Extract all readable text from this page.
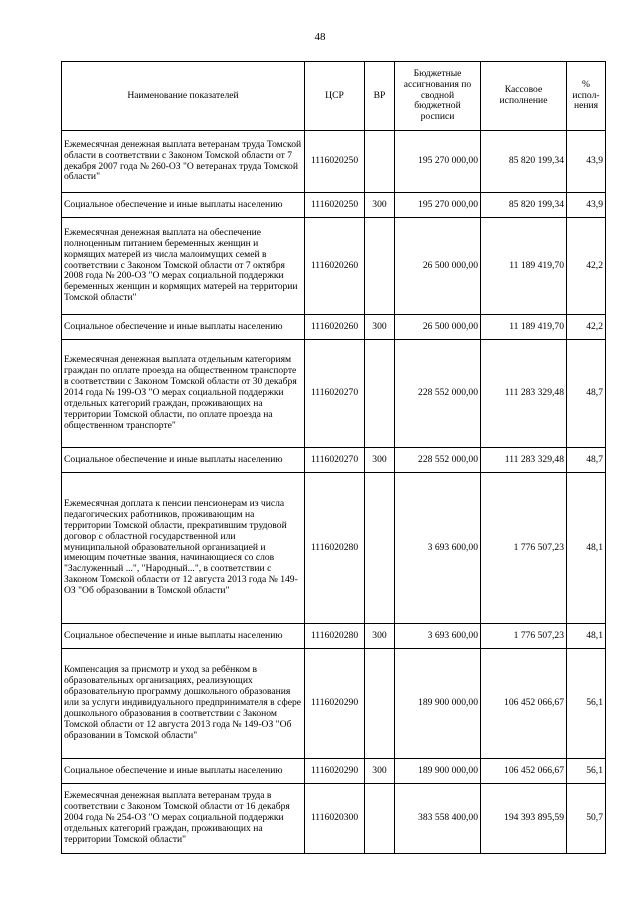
48
Наименование показателей	ЦСР	ВР	Бюджетные ассигнования по сводной бюджетной росписи	Кассовое исполнение	% испол-нения
Ежемесячная денежная выплата ветеранам труда Томской области в соответствии с Законом Томской области от 7 декабря 2007 года № 260-ОЗ "О ветеранах труда Томской области"	1116020250		195 270 000,00	85 820 199,34	43,9
Социальное обеспечение и иные выплаты населению	1116020250	300	195 270 000,00	85 820 199,34	43,9
Ежемесячная денежная выплата на обеспечение полноценным питанием беременных женщин и кормящих матерей из числа малоимущих семей в соответствии с Законом Томской области от 7 октября 2008 года № 200-ОЗ "О мерах социальной поддержки беременных женщин и кормящих матерей на территории Томской области"	1116020260		26 500 000,00	11 189 419,70	42,2
Социальное обеспечение и иные выплаты населению	1116020260	300	26 500 000,00	11 189 419,70	42,2
Ежемесячная денежная выплата отдельным категориям граждан по оплате проезда на общественном транспорте в соответствии с Законом Томской области от 30 декабря 2014 года № 199-ОЗ "О мерах социальной поддержки отдельных категорий граждан, проживающих на территории Томской области, по оплате проезда на общественном транспорте"	1116020270		228 552 000,00	111 283 329,48	48,7
Социальное обеспечение и иные выплаты населению	1116020270	300	228 552 000,00	111 283 329,48	48,7
Ежемесячная доплата к пенсии пенсионерам из числа педагогических работников, проживающим на территории Томской области, прекратившим трудовой договор с областной государственной или муниципальной образовательной организацией и имеющим почетные звания, начинающиеся со слов "Заслуженный ...", "Народный...", в соответствии с Законом Томской области от 12 августа 2013 года № 149-ОЗ "Об образовании в Томской области"	1116020280		3 693 600,00	1 776 507,23	48,1
Социальное обеспечение и иные выплаты населению	1116020280	300	3 693 600,00	1 776 507,23	48,1
Компенсация за присмотр и уход за ребёнком в образовательных организациях, реализующих образовательную программу дошкольного образования или за услуги индивидуального предпринимателя в сфере дошкольного образования в соответствии с Законом Томской области от 12 августа 2013 года № 149-ОЗ "Об образовании в Томской области"	1116020290		189 900 000,00	106 452 066,67	56,1
Социальное обеспечение и иные выплаты населению	1116020290	300	189 900 000,00	106 452 066,67	56,1
Ежемесячная денежная выплата ветеранам труда в соответствии с Законом Томской области от 16 декабря 2004 года № 254-ОЗ "О мерах социальной поддержки отдельных категорий граждан, проживающих на территории Томской области"	1116020300		383 558 400,00	194 393 895,59	50,7
